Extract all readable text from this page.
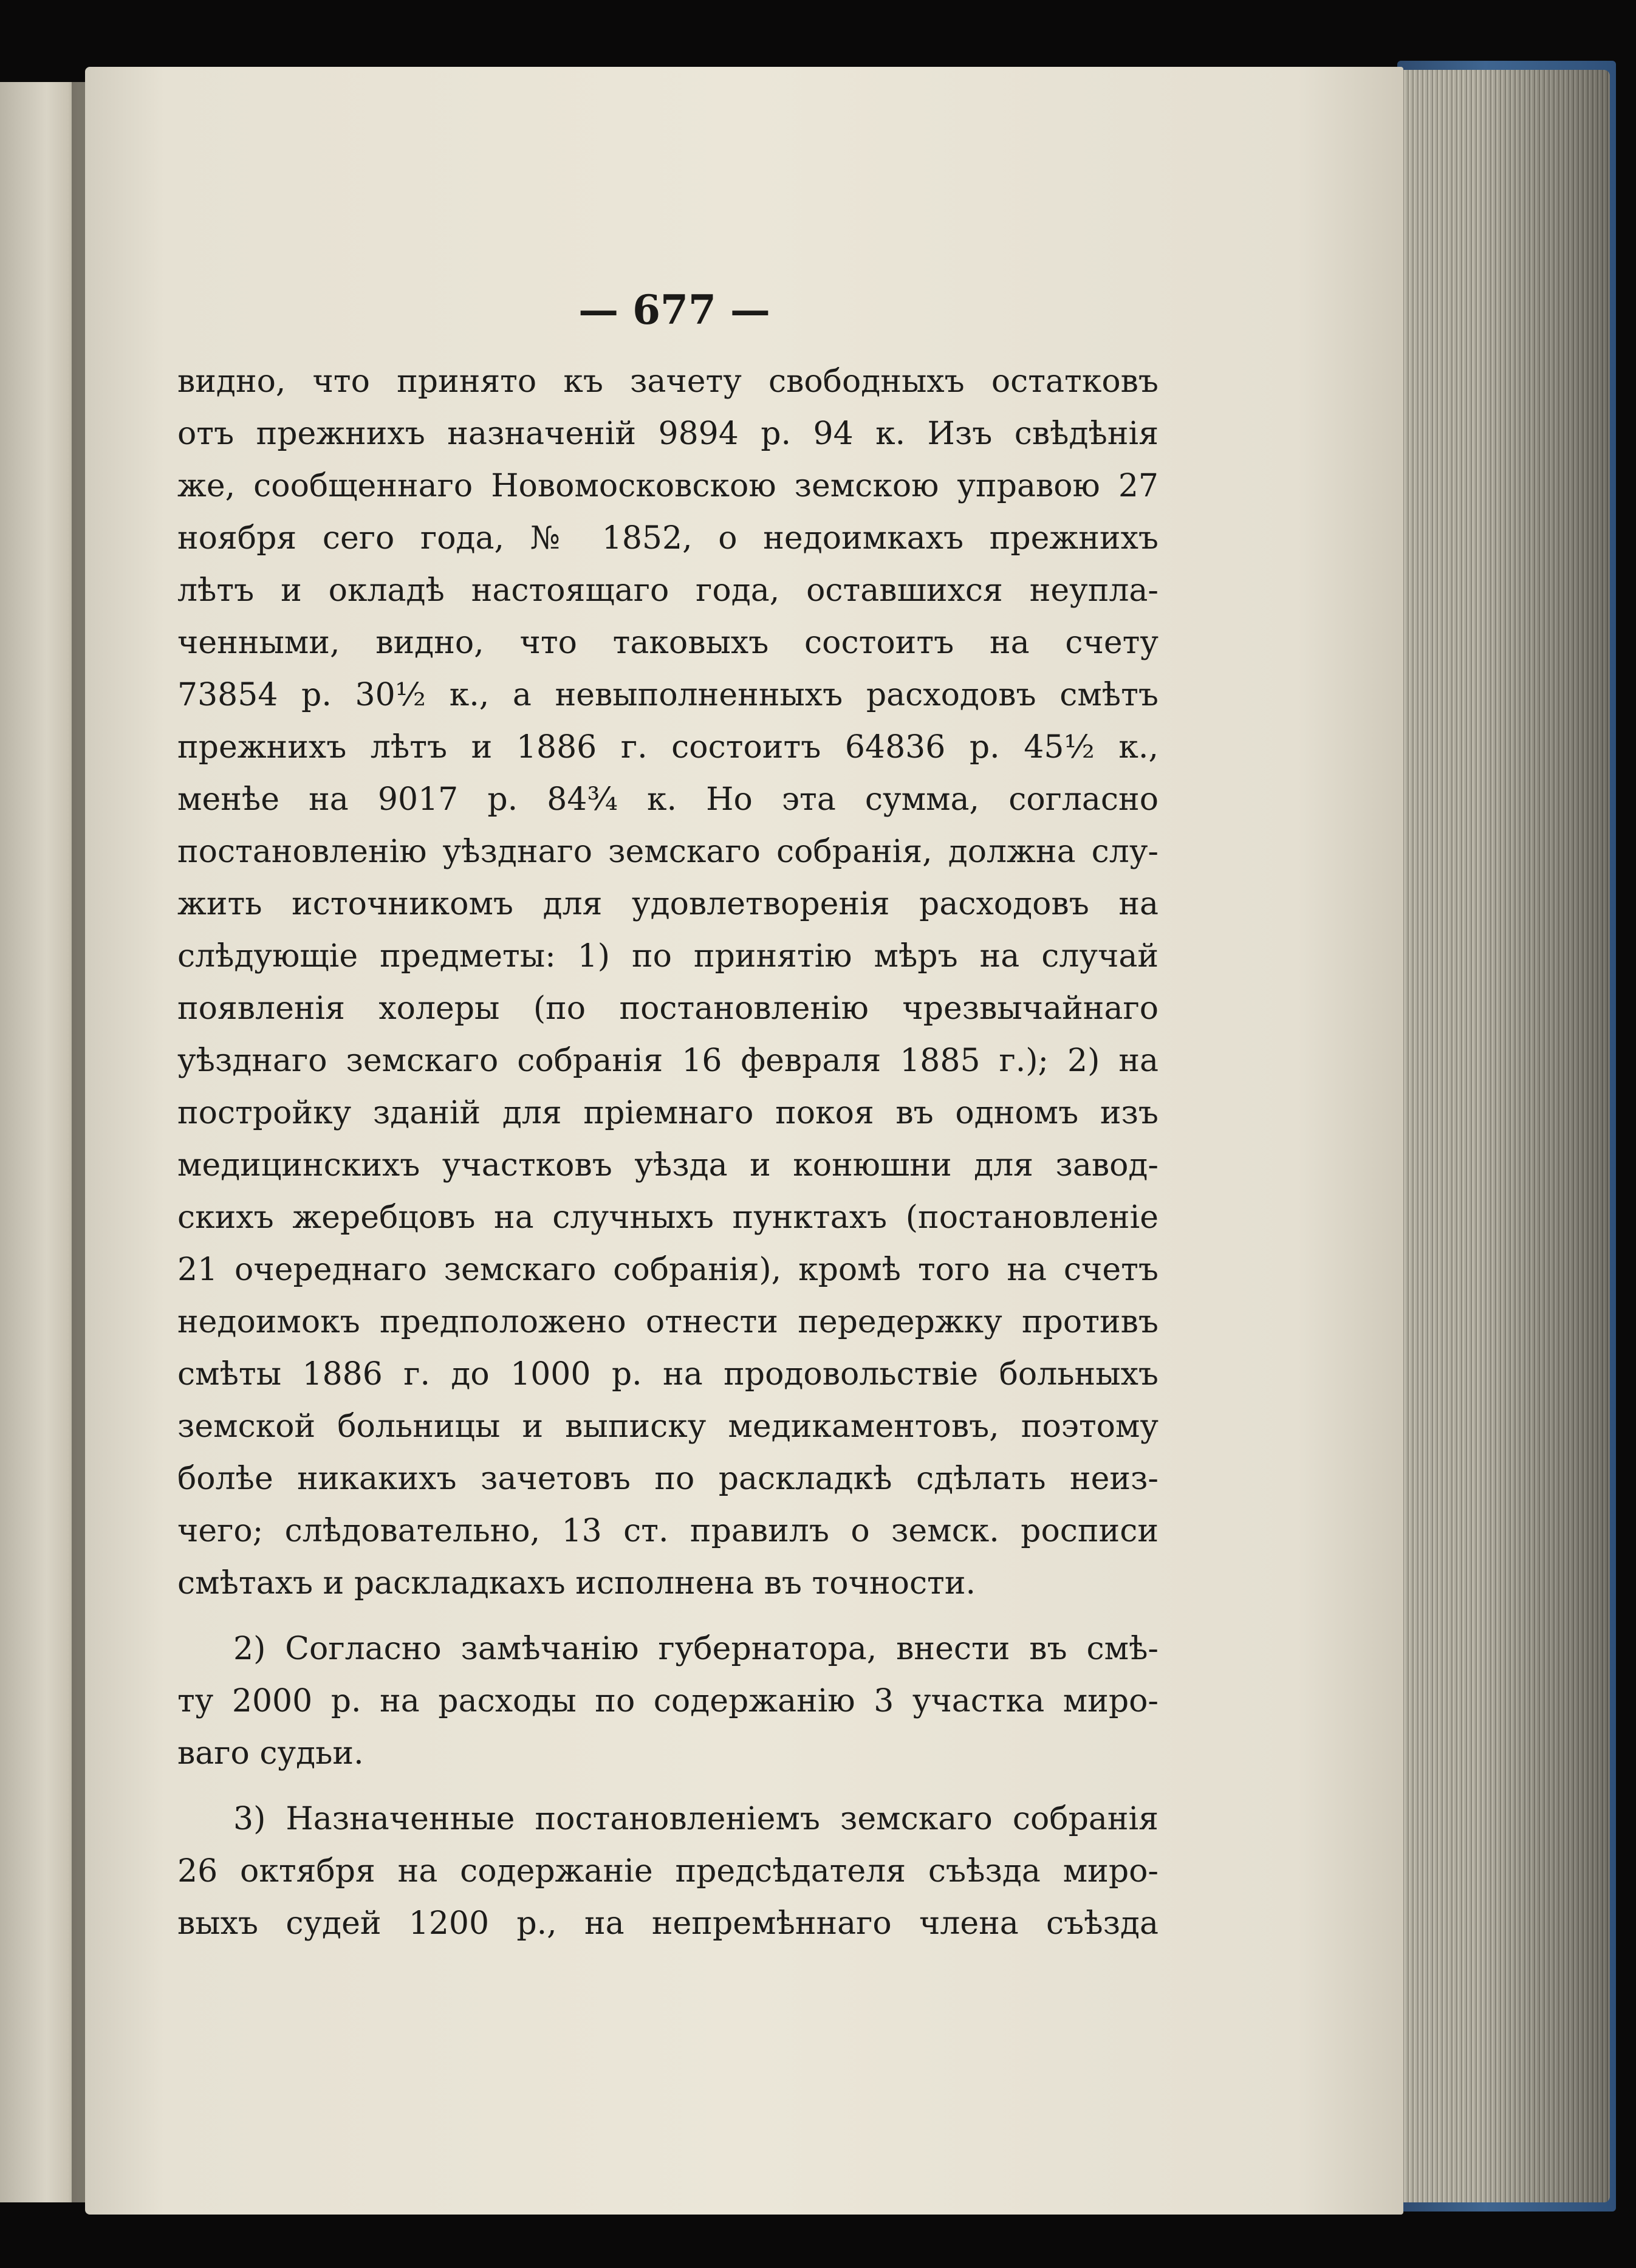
— 677 —
видно, что принято къ зачету свободныхъ остатковъ
отъ прежнихъ назначеній 9894 р. 94 к. Изъ свѣдѣнія
же, сообщеннаго Новомосковскою земскою управою 27
ноября сего года, № 1852, о недоимкахъ прежнихъ
лѣтъ и окладѣ настоящаго года, оставшихся неупла-
ченными, видно, что таковыхъ состоитъ на счету
73854 р. 30½ к., а невыполненныхъ расходовъ смѣтъ
прежнихъ лѣтъ и 1886 г. состоитъ 64836 р. 45½ к.,
менѣе на 9017 р. 84¾ к. Но эта сумма, согласно
постановленію уѣзднаго земскаго собранія, должна слу-
жить источникомъ для удовлетворенія расходовъ на
слѣдующіе предметы: 1) по принятію мѣръ на случай
появленія холеры (по постановленію чрезвычайнаго
уѣзднаго земскаго собранія 16 февраля 1885 г.); 2) на
постройку зданій для пріемнаго покоя въ одномъ изъ
медицинскихъ участковъ уѣзда и конюшни для завод-
скихъ жеребцовъ на случныхъ пунктахъ (постановленіе
21 очереднаго земскаго собранія), кромѣ того на счетъ
недоимокъ предположено отнести передержку противъ
смѣты 1886 г. до 1000 р. на продовольствіе больныхъ
земской больницы и выписку медикаментовъ, поэтому
болѣе никакихъ зачетовъ по раскладкѣ сдѣлать неиз-
чего; слѣдовательно, 13 ст. правилъ о земск. росписи
смѣтахъ и раскладкахъ исполнена въ точности.
2) Согласно замѣчанію губернатора, внести въ смѣ-
ту 2000 р. на расходы по содержанію 3 участка миро-
ваго судьи.
3) Назначенные постановленіемъ земскаго собранія
26 октября на содержаніе предсѣдателя съѣзда миро-
выхъ судей 1200 р., на непремѣннаго члена съѣзда
